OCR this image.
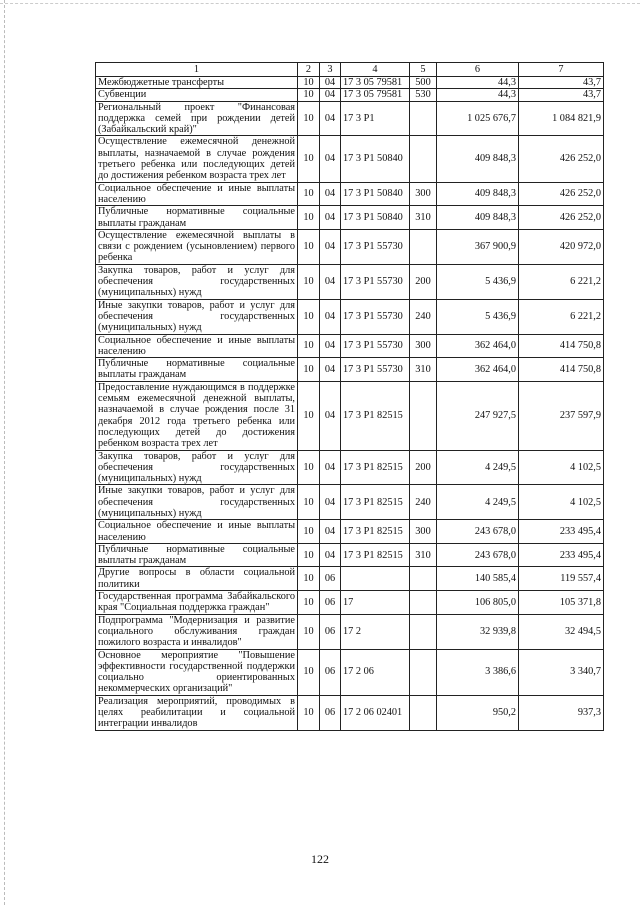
1	2	3	4	5	6	7
Межбюджетные трансферты	10	04	17 3 05 79581	500	44,3	43,7
Субвенции	10	04	17 3 05 79581	530	44,3	43,7
Региональный проект "Финансовая поддержка семей при рождении детей (Забайкальский край)"	10	04	17 3 P1		1 025 676,7	1 084 821,9
Осуществление ежемесячной денежной выплаты, назначаемой в случае рождения третьего ребенка или последующих детей до достижения ребенком возраста трех лет	10	04	17 3 P1 50840		409 848,3	426 252,0
Социальное обеспечение и иные выплаты населению	10	04	17 3 P1 50840	300	409 848,3	426 252,0
Публичные нормативные социальные выплаты гражданам	10	04	17 3 P1 50840	310	409 848,3	426 252,0
Осуществление ежемесячной выплаты в связи с рождением (усыновлением) первого ребенка	10	04	17 3 P1 55730		367 900,9	420 972,0
Закупка товаров, работ и услуг для обеспечения государственных (муниципальных) нужд	10	04	17 3 P1 55730	200	5 436,9	6 221,2
Иные закупки товаров, работ и услуг для обеспечения государственных (муниципальных) нужд	10	04	17 3 P1 55730	240	5 436,9	6 221,2
Социальное обеспечение и иные выплаты населению	10	04	17 3 P1 55730	300	362 464,0	414 750,8
Публичные нормативные социальные выплаты гражданам	10	04	17 3 P1 55730	310	362 464,0	414 750,8
Предоставление нуждающимся в поддержке семьям ежемесячной денежной выплаты, назначаемой в случае рождения после 31 декабря 2012 года третьего ребенка или последующих детей до достижения ребенком возраста трех лет	10	04	17 3 P1 82515		247 927,5	237 597,9
Закупка товаров, работ и услуг для обеспечения государственных (муниципальных) нужд	10	04	17 3 P1 82515	200	4 249,5	4 102,5
Иные закупки товаров, работ и услуг для обеспечения государственных (муниципальных) нужд	10	04	17 3 P1 82515	240	4 249,5	4 102,5
Социальное обеспечение и иные выплаты населению	10	04	17 3 P1 82515	300	243 678,0	233 495,4
Публичные нормативные социальные выплаты гражданам	10	04	17 3 P1 82515	310	243 678,0	233 495,4
Другие вопросы в области социальной политики	10	06			140 585,4	119 557,4
Государственная программа Забайкальского края "Социальная поддержка граждан"	10	06	17		106 805,0	105 371,8
Подпрограмма "Модернизация и развитие социального обслуживания граждан пожилого возраста и инвалидов"	10	06	17 2		32 939,8	32 494,5
Основное мероприятие "Повышение эффективности государственной поддержки социально ориентированных некоммерческих организаций"	10	06	17 2 06		3 386,6	3 340,7
Реализация мероприятий, проводимых в целях реабилитации и социальной интеграции инвалидов	10	06	17 2 06 02401		950,2	937,3
122
